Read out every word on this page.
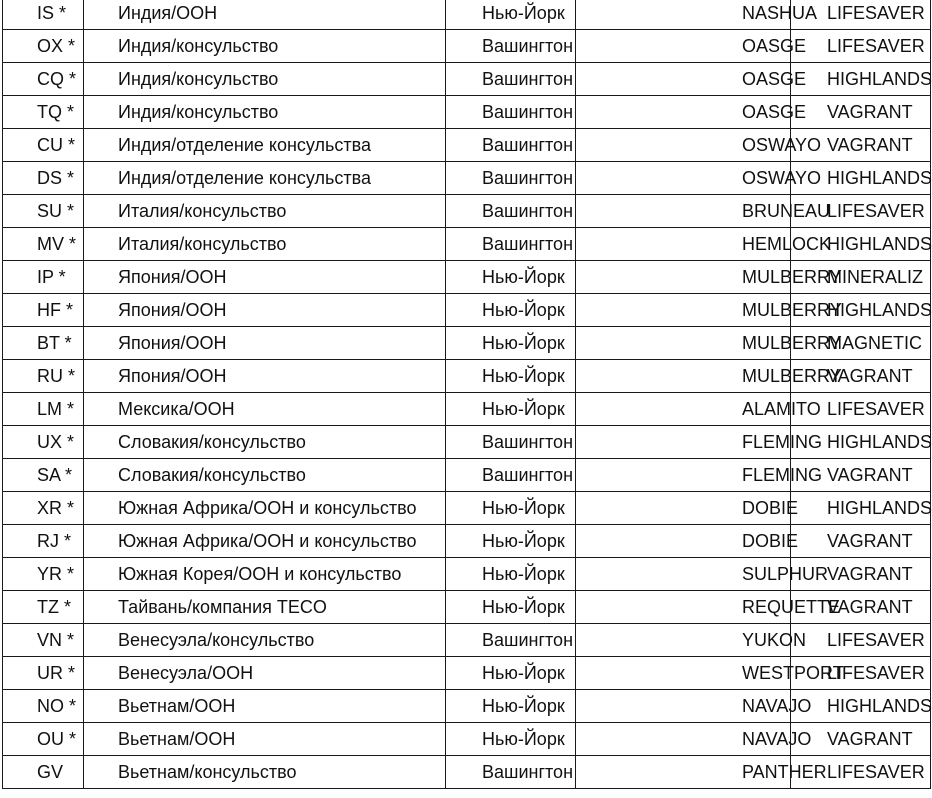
IS *	Индия/ООН	Нью-Йорк	NASHUA	LIFESAVER
OX *	Индия/консульство	Вашингтон	OASGE	LIFESAVER
CQ *	Индия/консульство	Вашингтон	OASGE	HIGHLANDS
TQ *	Индия/консульство	Вашингтон	OASGE	VAGRANT
CU *	Индия/отделение консульства	Вашингтон	OSWAYO	VAGRANT
DS *	Индия/отделение консульства	Вашингтон	OSWAYO	HIGHLANDS
SU *	Италия/консульство	Вашингтон	BRUNEAU	LIFESAVER
MV *	Италия/консульство	Вашингтон	HEMLOCK	HIGHLANDS
IP *	Япония/ООН	Нью-Йорк	MULBERRY	MINERALIZ
HF *	Япония/ООН	Нью-Йорк	MULBERRY	HIGHLANDS
BT *	Япония/ООН	Нью-Йорк	MULBERRY	MAGNETIC
RU *	Япония/ООН	Нью-Йорк	MULBERRY	VAGRANT
LM *	Мексика/ООН	Нью-Йорк	ALAMITO	LIFESAVER
UX *	Словакия/консульство	Вашингтон	FLEMING	HIGHLANDS
SA *	Словакия/консульство	Вашингтон	FLEMING	VAGRANT
XR *	Южная Африка/ООН и консульство	Нью-Йорк	DOBIE	HIGHLANDS
RJ *	Южная Африка/ООН и консульство	Нью-Йорк	DOBIE	VAGRANT
YR *	Южная Корея/ООН и консульство	Нью-Йорк	SULPHUR	VAGRANT
TZ *	Тайвань/компания TECO	Нью-Йорк	REQUETTE	VAGRANT
VN *	Венесуэла/консульство	Вашингтон	YUKON	LIFESAVER
UR *	Венесуэла/ООН	Нью-Йорк	WESTPORT	LIFESAVER
NO *	Вьетнам/ООН	Нью-Йорк	NAVAJO	HIGHLANDS
OU *	Вьетнам/ООН	Нью-Йорк	NAVAJO	VAGRANT
GV	Вьетнам/консульство	Вашингтон	PANTHER	LIFESAVER
